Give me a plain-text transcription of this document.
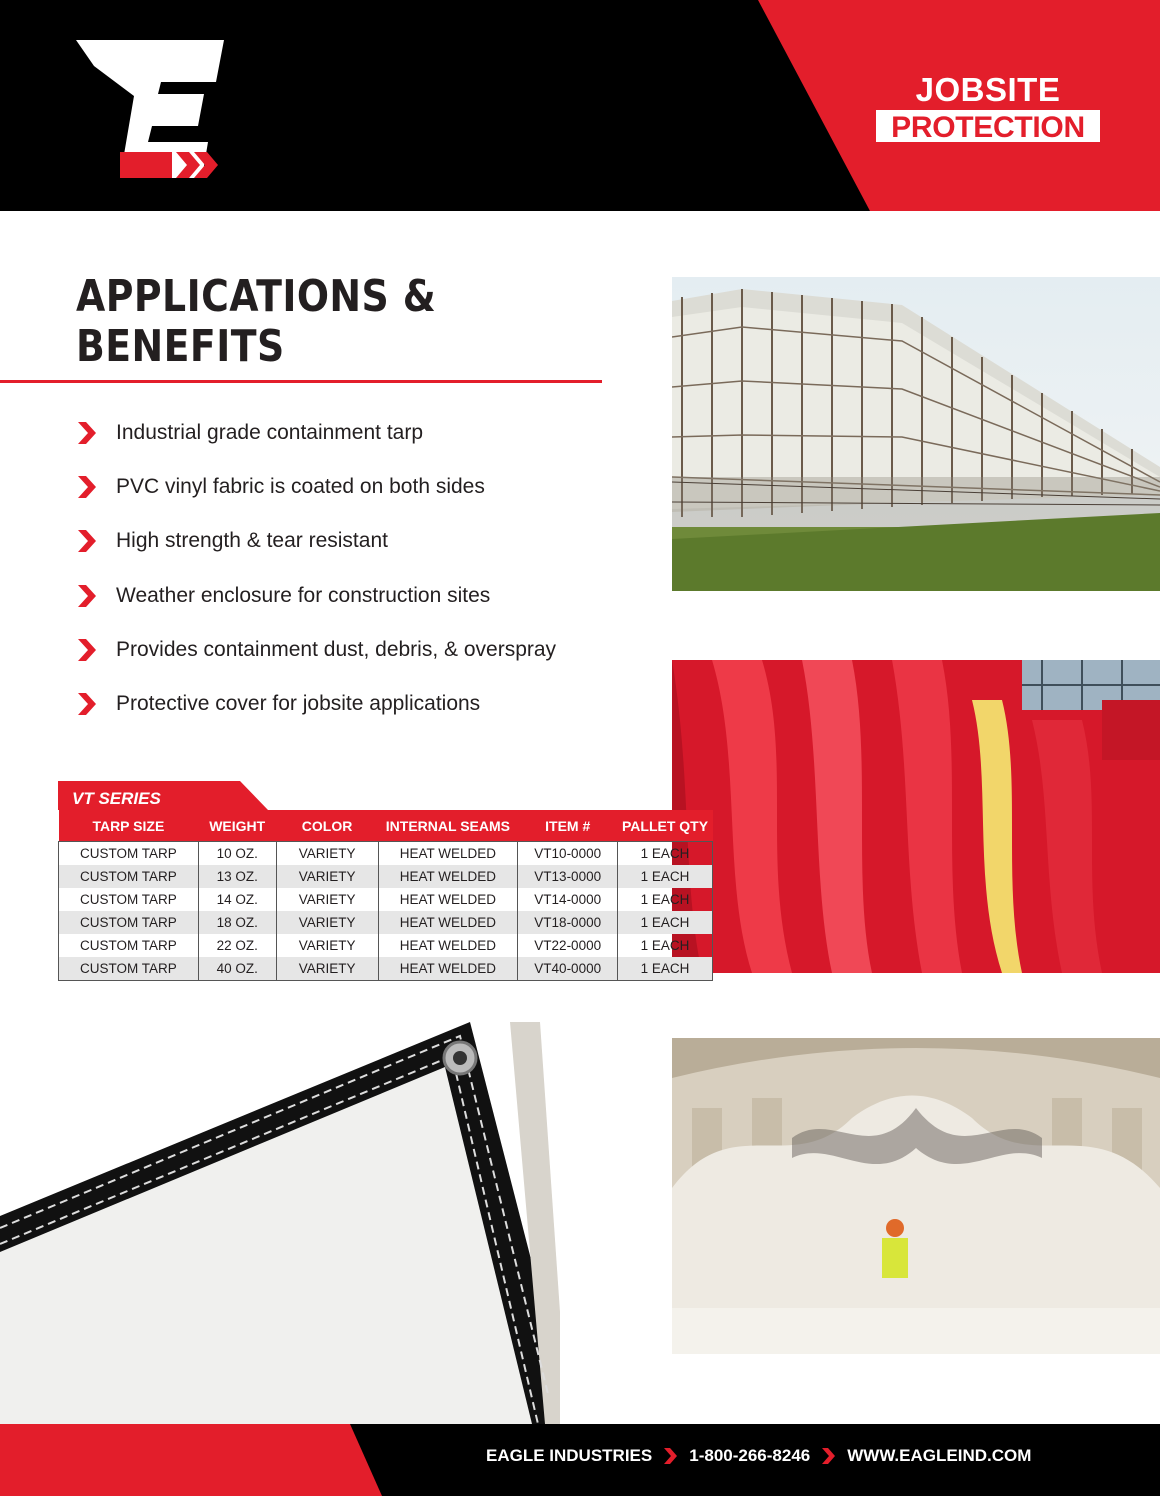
JOBSITE
PROTECTION
APPLICATIONS &
BENEFITS
Industrial grade containment tarp
PVC vinyl fabric is coated on both sides
High strength & tear resistant
Weather enclosure for construction sites
Provides containment dust, debris, & overspray
Protective cover for jobsite applications
VT SERIES
TARP SIZE	WEIGHT	COLOR	INTERNAL SEAMS	ITEM #	PALLET QTY
CUSTOM TARP	10 OZ.	VARIETY	HEAT WELDED	VT10-0000	1 EACH
CUSTOM TARP	13 OZ.	VARIETY	HEAT WELDED	VT13-0000	1 EACH
CUSTOM TARP	14 OZ.	VARIETY	HEAT WELDED	VT14-0000	1 EACH
CUSTOM TARP	18 OZ.	VARIETY	HEAT WELDED	VT18-0000	1 EACH
CUSTOM TARP	22 OZ.	VARIETY	HEAT WELDED	VT22-0000	1 EACH
CUSTOM TARP	40 OZ.	VARIETY	HEAT WELDED	VT40-0000	1 EACH
EAGLE INDUSTRIES 1-800-266-8246 WWW.EAGLEIND.COM
